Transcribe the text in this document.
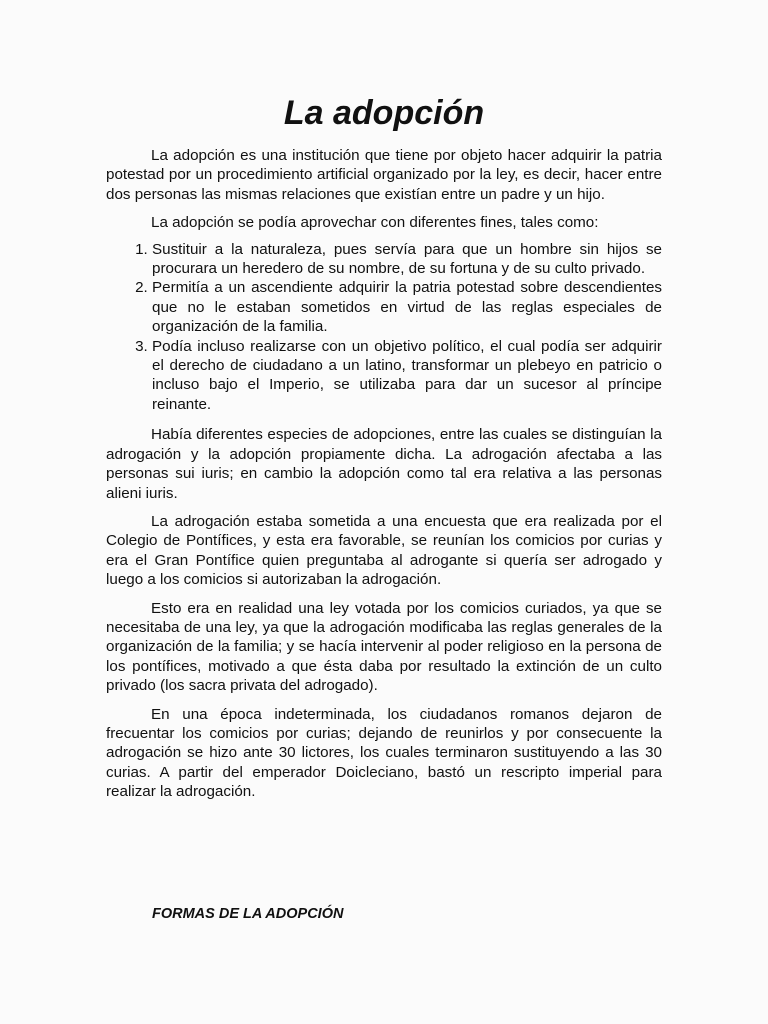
La adopción

La adopción es una institución que tiene por objeto hacer adquirir la patria potestad por un procedimiento artificial organizado por la ley, es decir, hacer entre dos personas las mismas relaciones que existían entre un padre y un hijo.

La adopción se podía aprovechar con diferentes fines, tales como:

1. Sustituir a la naturaleza, pues servía para que un hombre sin hijos se procurara un heredero de su nombre, de su fortuna y de su culto privado.
2. Permitía a un ascendiente adquirir la patria potestad sobre descendientes que no le estaban sometidos en virtud de las reglas especiales de organización de la familia.
3. Podía incluso realizarse con un objetivo político, el cual podía ser adquirir el derecho de ciudadano a un latino, transformar un plebeyo en patricio o incluso bajo el Imperio, se utilizaba para dar un sucesor al príncipe reinante.

Había diferentes especies de adopciones, entre las cuales se distinguían la adrogación y la adopción propiamente dicha. La adrogación afectaba a las personas sui iuris; en cambio la adopción como tal era relativa a las personas alieni iuris.

La adrogación estaba sometida a una encuesta que era realizada por el Colegio de Pontífices, y esta era favorable, se reunían los comicios por curias y era el Gran Pontífice quien preguntaba al adrogante si quería ser adrogado y luego a los comicios si autorizaban la adrogación.

Esto era en realidad una ley votada por los comicios curiados, ya que se necesitaba de una ley, ya que la adrogación modificaba las reglas generales de la organización de la familia; y se hacía intervenir al poder religioso en la persona de los pontífices, motivado a que ésta daba por resultado la extinción de un culto privado (los sacra privata del adrogado).

En una época indeterminada, los ciudadanos romanos dejaron de frecuentar los comicios por curias; dejando de reunirlos y por consecuente la adrogación se hizo ante 30 lictores, los cuales terminaron sustituyendo a las 30 curias. A partir del emperador Doicleciano, bastó un rescripto imperial para realizar la adrogación.

FORMAS DE LA ADOPCIÓN
